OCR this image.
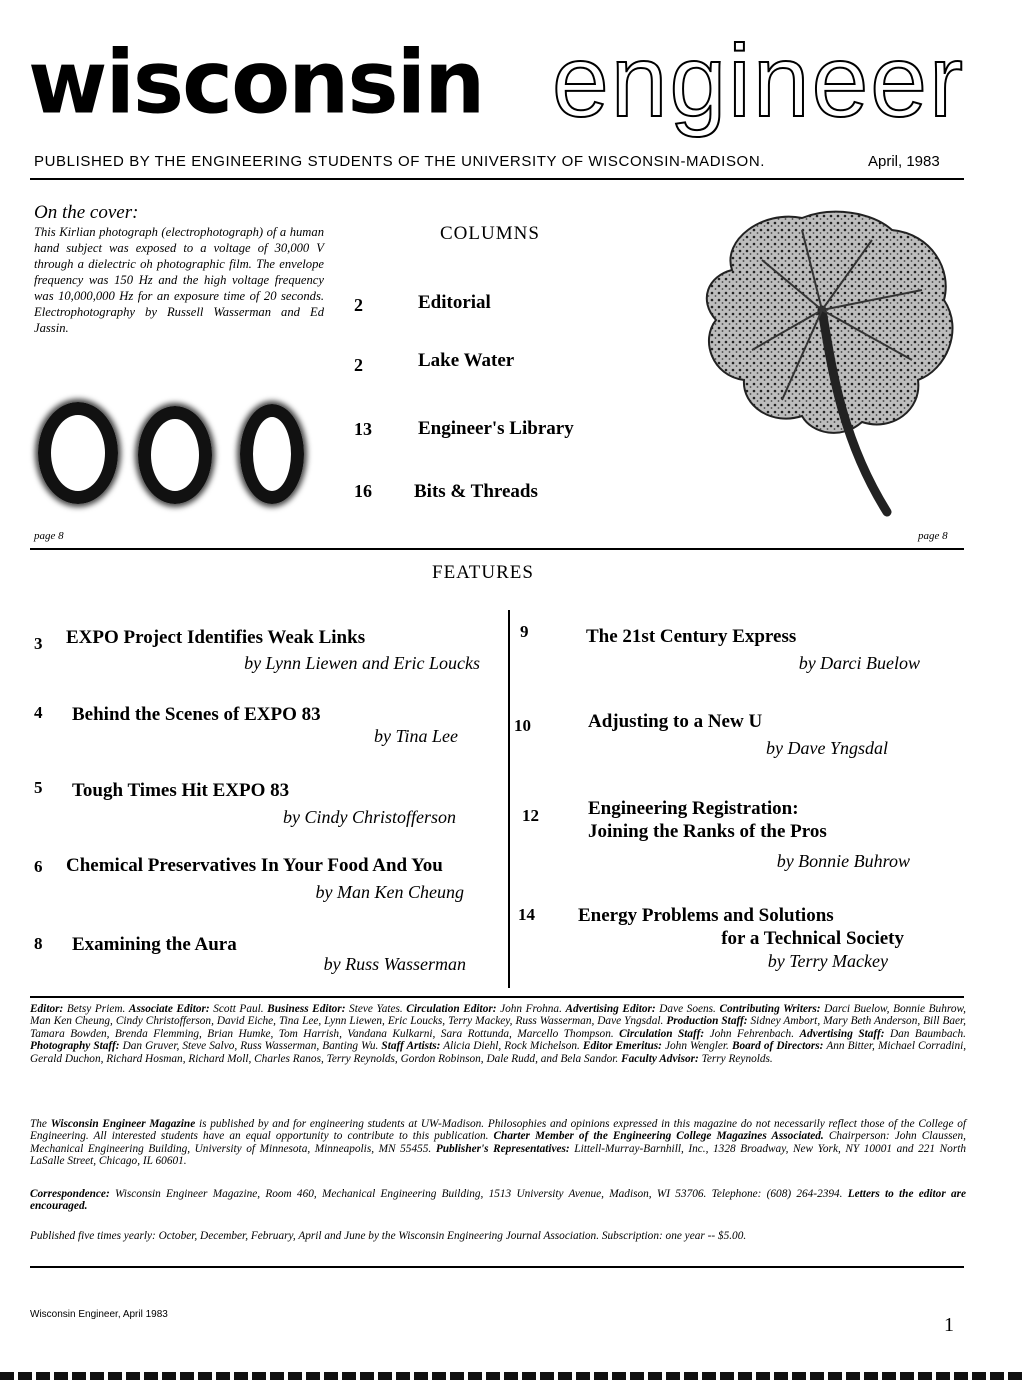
wisconsin engineer
PUBLISHED BY THE ENGINEERING STUDENTS OF THE UNIVERSITY OF WISCONSIN-MADISON.	April, 1983
On the cover:
This Kirlian photograph (electrophotograph) of a human hand subject was exposed to a voltage of 30,000 V through a dielectric oh photographic film. The envelope frequency was 150 Hz and the high voltage frequency was 10,000,000 Hz for an exposure time of 20 seconds. Electrophotography by Russell Wasserman and Ed Jassin.
page 8
COLUMNS
2	Editorial
2	Lake Water
13 Engineer's Library
16 Bits & Threads
page 8
FEATURES
3 EXPO Project Identifies Weak Links
by Lynn Liewen and Eric Loucks
4 Behind the Scenes of EXPO 83
by Tina Lee
5 Tough Times Hit EXPO 83
by Cindy Christofferson
6 Chemical Preservatives In Your Food And You
by Man Ken Cheung
8 Examining the Aura
by Russ Wasserman
9	The 21st Century Express
by Darci Buelow
10	Adjusting to a New U
by Dave Yngsdal
12	Engineering Registration:
Joining the Ranks of the Pros
by Bonnie Buhrow
14 Energy Problems and Solutions
for a Technical Society
by Terry Mackey
Editor: Betsy Priem. Associate Editor: Scott Paul. Business Editor: Steve Yates. Circulation Editor: John Frohna. Advertising Editor: Dave Soens. Contributing Writers: Darci Buelow, Bonnie Buhrow, Man Ken Cheung, Cindy Christofferson, David Eiche, Tina Lee, Lynn Liewen, Eric Loucks, Terry Mackey, Russ Wasserman, Dave Yngsdal. Production Staff: Sidney Ambort, Mary Beth Anderson, Bill Baer, Tamara Bowden, Brenda Flemming, Brian Humke, Tom Harrish, Vandana Kulkarni, Sara Rottunda, Marcello Thompson. Circulation Staff: John Fehrenbach. Advertising Staff: Dan Baumbach. Photography Staff: Dan Gruver, Steve Salvo, Russ Wasserman, Banting Wu. Staff Artists: Alicia Diehl, Rock Michelson. Editor Emeritus: John Wengler. Board of Directors: Ann Bitter, Michael Corradini, Gerald Duchon, Richard Hosman, Richard Moll, Charles Ranos, Terry Reynolds, Gordon Robinson, Dale Rudd, and Bela Sandor. Faculty Advisor: Terry Reynolds.
The Wisconsin Engineer Magazine is published by and for engineering students at UW-Madison. Philosophies and opinions expressed in this magazine do not necessarily reflect those of the College of Engineering. All interested students have an equal opportunity to contribute to this publication. Charter Member of the Engineering College Magazines Associated. Chairperson: John Claussen, Mechanical Engineering Building, University of Minnesota, Minneapolis, MN 55455. Publisher's Representatives: Littell-Murray-Barnhill, Inc., 1328 Broadway, New York, NY 10001 and 221 North LaSalle Street, Chicago, IL 60601.
Correspondence: Wisconsin Engineer Magazine, Room 460, Mechanical Engineering Building, 1513 University Avenue, Madison, WI 53706. Telephone: (608) 264-2394. Letters to the editor are encouraged.
Published five times yearly: October, December, February, April and June by the Wisconsin Engineering Journal Association. Subscription: one year -- $5.00.
Wisconsin Engineer, April 1983	1
